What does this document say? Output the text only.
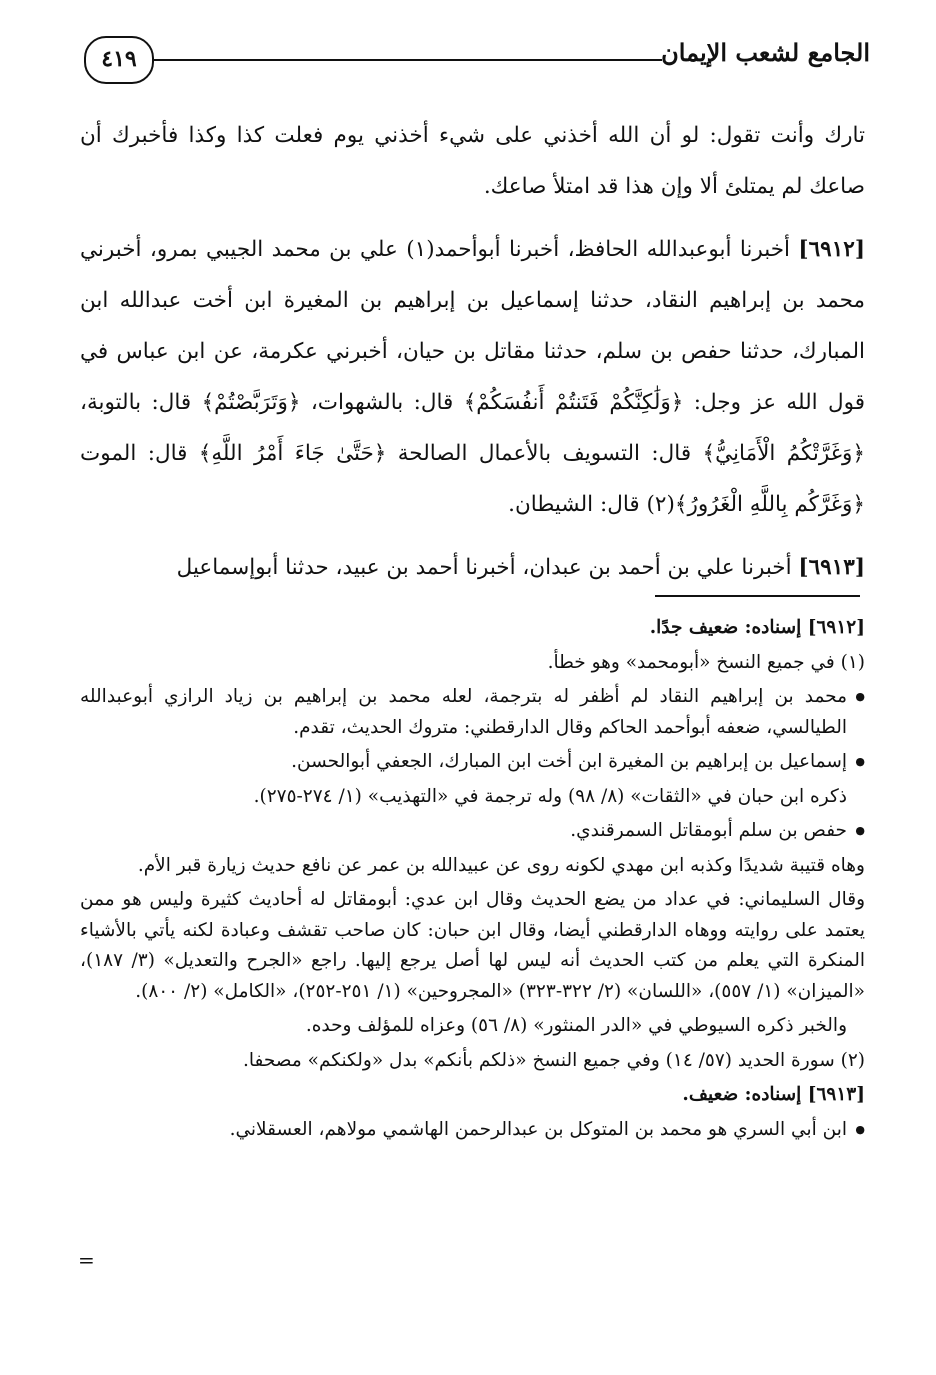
٤١٩	الجامع لشعب الإيمان

تارك وأنت تقول: لو أن الله أخذني على شيء أخذني يوم فعلت كذا وكذا فأخبرك أن صاعك لم يمتلئ ألا وإن هذا قد امتلأ صاعك.

[٦٩١٢] أخبرنا أبوعبدالله الحافظ، أخبرنا أبوأحمد(١) علي بن محمد الجيبي بمرو، أخبرني محمد بن إبراهيم النقاد، حدثنا إسماعيل بن إبراهيم بن المغيرة ابن أخت عبدالله ابن المبارك، حدثنا حفص بن سلم، حدثنا مقاتل بن حيان، أخبرني عكرمة، عن ابن عباس في قول الله عز وجل: ﴿وَلَٰكِنَّكُمْ فَتَنتُمْ أَنفُسَكُمْ﴾ قال: بالشهوات، ﴿وَتَرَبَّصْتُمْ﴾ قال: بالتوبة، ﴿وَغَرَّتْكُمُ الْأَمَانِيُّ﴾ قال: التسويف بالأعمال الصالحة ﴿حَتَّىٰ جَاءَ أَمْرُ اللَّهِ﴾ قال: الموت ﴿وَغَرَّكُم بِاللَّهِ الْغَرُورُ﴾(٢) قال: الشيطان.

[٦٩١٣] أخبرنا علي بن أحمد بن عبدان، أخبرنا أحمد بن عبيد، حدثنا أبوإسماعيل

[٦٩١٢] إسناده: ضعيف جدًا.

(١) في جميع النسخ «أبومحمد» وهو خطأ.

● محمد بن إبراهيم النقاد لم أظفر له بترجمة، لعله محمد بن إبراهيم بن زياد الرازي أبوعبدالله الطيالسي، ضعفه أبوأحمد الحاكم وقال الدارقطني: متروك الحديث، تقدم.

● إسماعيل بن إبراهيم بن المغيرة ابن أخت ابن المبارك، الجعفي أبوالحسن.

ذكره ابن حبان في «الثقات» (٨/ ٩٨) وله ترجمة في «التهذيب» (١/ ٢٧٤-٢٧٥).

● حفص بن سلم أبومقاتل السمرقندي.

وهاه قتيبة شديدًا وكذبه ابن مهدي لكونه روى عن عبيدالله بن عمر عن نافع حديث زيارة قبر الأم.

وقال السليماني: في عداد من يضع الحديث وقال ابن عدي: أبومقاتل له أحاديث كثيرة وليس هو ممن يعتمد على روايته ووهاه الدارقطني أيضا، وقال ابن حبان: كان صاحب تقشف وعبادة لكنه يأتي بالأشياء المنكرة التي يعلم من كتب الحديث أنه ليس لها أصل يرجع إليها. راجع «الجرح والتعديل» (٣/ ١٨٧)، «الميزان» (١/ ٥٥٧)، «اللسان» (٢/ ٣٢٢-٣٢٣) «المجروحين» (١/ ٢٥١-٢٥٢)، «الكامل» (٢/ ٨٠٠).

والخبر ذكره السيوطي في «الدر المنثور» (٨/ ٥٦) وعزاه للمؤلف وحده.

(٢) سورة الحديد (٥٧/ ١٤) وفي جميع النسخ «ذلكم بأنكم» بدل «ولكنكم» مصحفا.

[٦٩١٣] إسناده: ضعيف.

● ابن أبي السري هو محمد بن المتوكل بن عبدالرحمن الهاشمي مولاهم، العسقلاني.

=
